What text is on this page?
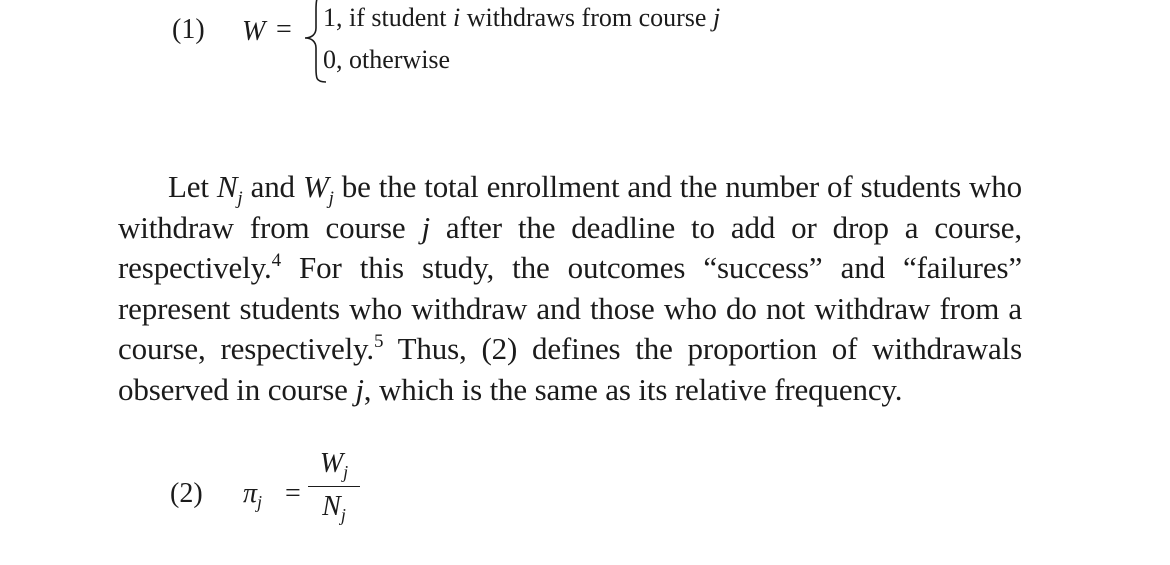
(1) W = 1, if student i withdraws from course j
0, otherwise

Let $N_j$ and $W_j$ be the total enrollment and the number of students who withdraw from course j after the deadline to add or drop a course, respectively.$^4$ For this study, the outcomes “success” and “failures” represent students who withdraw and those who do not withdraw from a course, respectively.$^5$ Thus, (2) defines the proportion of withdrawals observed in course j, which is the same as its relative frequency.

(2) $\pi_j$ =
$W_j$
$N_j$
